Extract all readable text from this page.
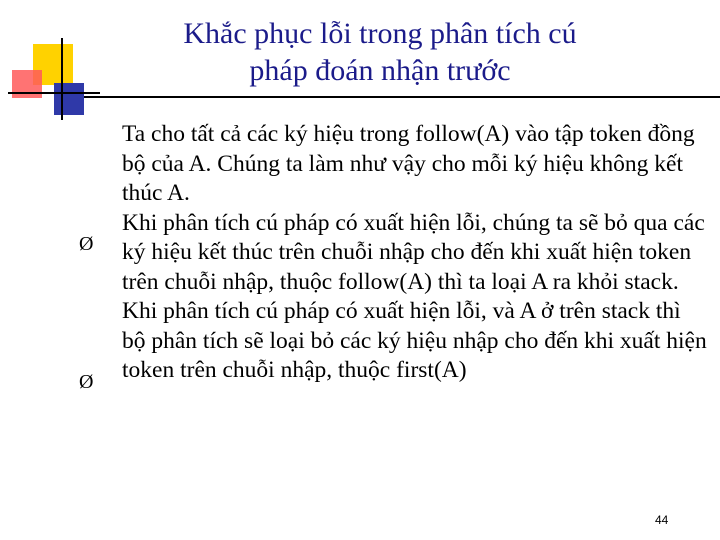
Khắc phục lỗi trong phân tích cú
pháp đoán nhận trước
Ø
Ø

Ta cho tất cả các ký hiệu trong follow(A) vào tập token đồng bộ của A. Chúng ta làm như vậy cho mỗi ký hiệu không kết thúc A.

Khi phân tích cú pháp có xuất hiện lỗi, chúng ta sẽ bỏ qua các ký hiệu kết thúc trên chuỗi nhập cho đến khi xuất hiện token trên chuỗi nhập, thuộc follow(A) thì ta loại A ra khỏi stack.

Khi phân tích cú pháp có xuất hiện lỗi, và A ở trên stack thì bộ phân tích sẽ loại bỏ các ký hiệu nhập cho đến khi xuất hiện token trên chuỗi nhập, thuộc first(A)

44
